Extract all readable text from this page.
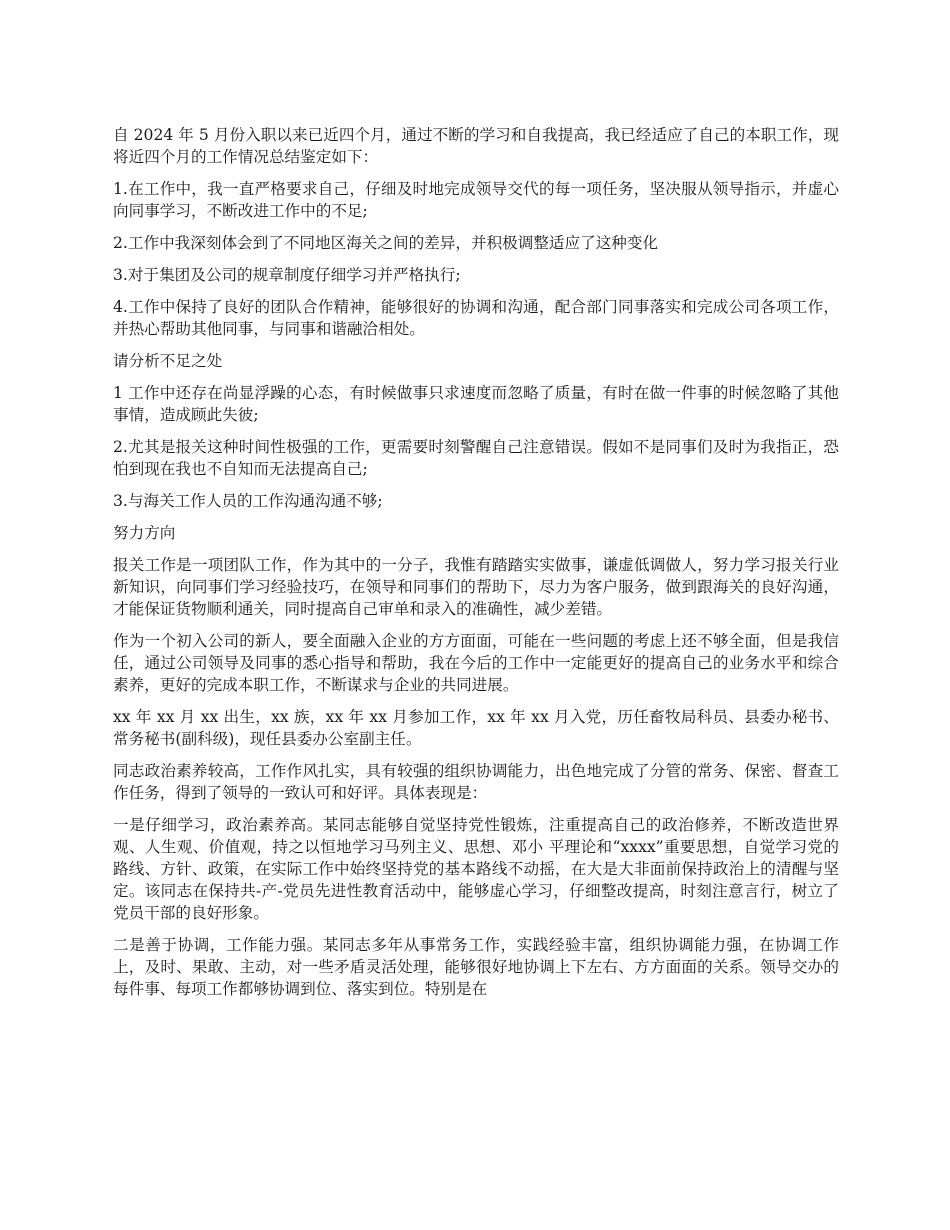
自 2024 年 5 月份入职以来已近四个月，通过不断的学习和自我提高，我已经适应了自己的本职工作，现将近四个月的工作情况总结鉴定如下：

1.在工作中，我一直严格要求自己，仔细及时地完成领导交代的每一项任务，坚决服从领导指示，并虚心向同事学习，不断改进工作中的不足;

2.工作中我深刻体会到了不同地区海关之间的差异，并积极调整适应了这种变化

3.对于集团及公司的规章制度仔细学习并严格执行;

4.工作中保持了良好的团队合作精神，能够很好的协调和沟通，配合部门同事落实和完成公司各项工作，并热心帮助其他同事，与同事和谐融洽相处。

请分析不足之处

1 工作中还存在尚显浮躁的心态，有时候做事只求速度而忽略了质量，有时在做一件事的时候忽略了其他事情，造成顾此失彼;

2.尤其是报关这种时间性极强的工作，更需要时刻警醒自己注意错误。假如不是同事们及时为我指正，恐怕到现在我也不自知而无法提高自己;

3.与海关工作人员的工作沟通沟通不够;

努力方向

报关工作是一项团队工作，作为其中的一分子，我惟有踏踏实实做事，谦虚低调做人，努力学习报关行业新知识，向同事们学习经验技巧，在领导和同事们的帮助下，尽力为客户服务，做到跟海关的良好沟通，才能保证货物顺利通关，同时提高自己审单和录入的准确性，减少差错。

作为一个初入公司的新人，要全面融入企业的方方面面，可能在一些问题的考虑上还不够全面，但是我信任，通过公司领导及同事的悉心指导和帮助，我在今后的工作中一定能更好的提高自己的业务水平和综合素养，更好的完成本职工作，不断谋求与企业的共同进展。

xx 年 xx 月 xx 出生，xx 族，xx 年 xx 月参加工作，xx 年 xx 月入党，历任畜牧局科员、县委办秘书、常务秘书(副科级)，现任县委办公室副主任。

同志政治素养较高，工作作风扎实，具有较强的组织协调能力，出色地完成了分管的常务、保密、督查工作任务，得到了领导的一致认可和好评。具体表现是：

一是仔细学习，政治素养高。某同志能够自觉坚持党性锻炼，注重提高自己的政治修养，不断改造世界观、人生观、价值观，持之以恒地学习马列主义、思想、邓小 平理论和“xxxx”重要思想，自觉学习党的路线、方针、政策，在实际工作中始终坚持党的基本路线不动摇，在大是大非面前保持政治上的清醒与坚定。该同志在保持共-产-党员先进性教育活动中，能够虚心学习，仔细整改提高，时刻注意言行，树立了党员干部的良好形象。

二是善于协调，工作能力强。某同志多年从事常务工作，实践经验丰富，组织协调能力强，在协调工作上，及时、果敢、主动，对一些矛盾灵活处理，能够很好地协调上下左右、方方面面的关系。领导交办的每件事、每项工作都够协调到位、落实到位。特别是在
